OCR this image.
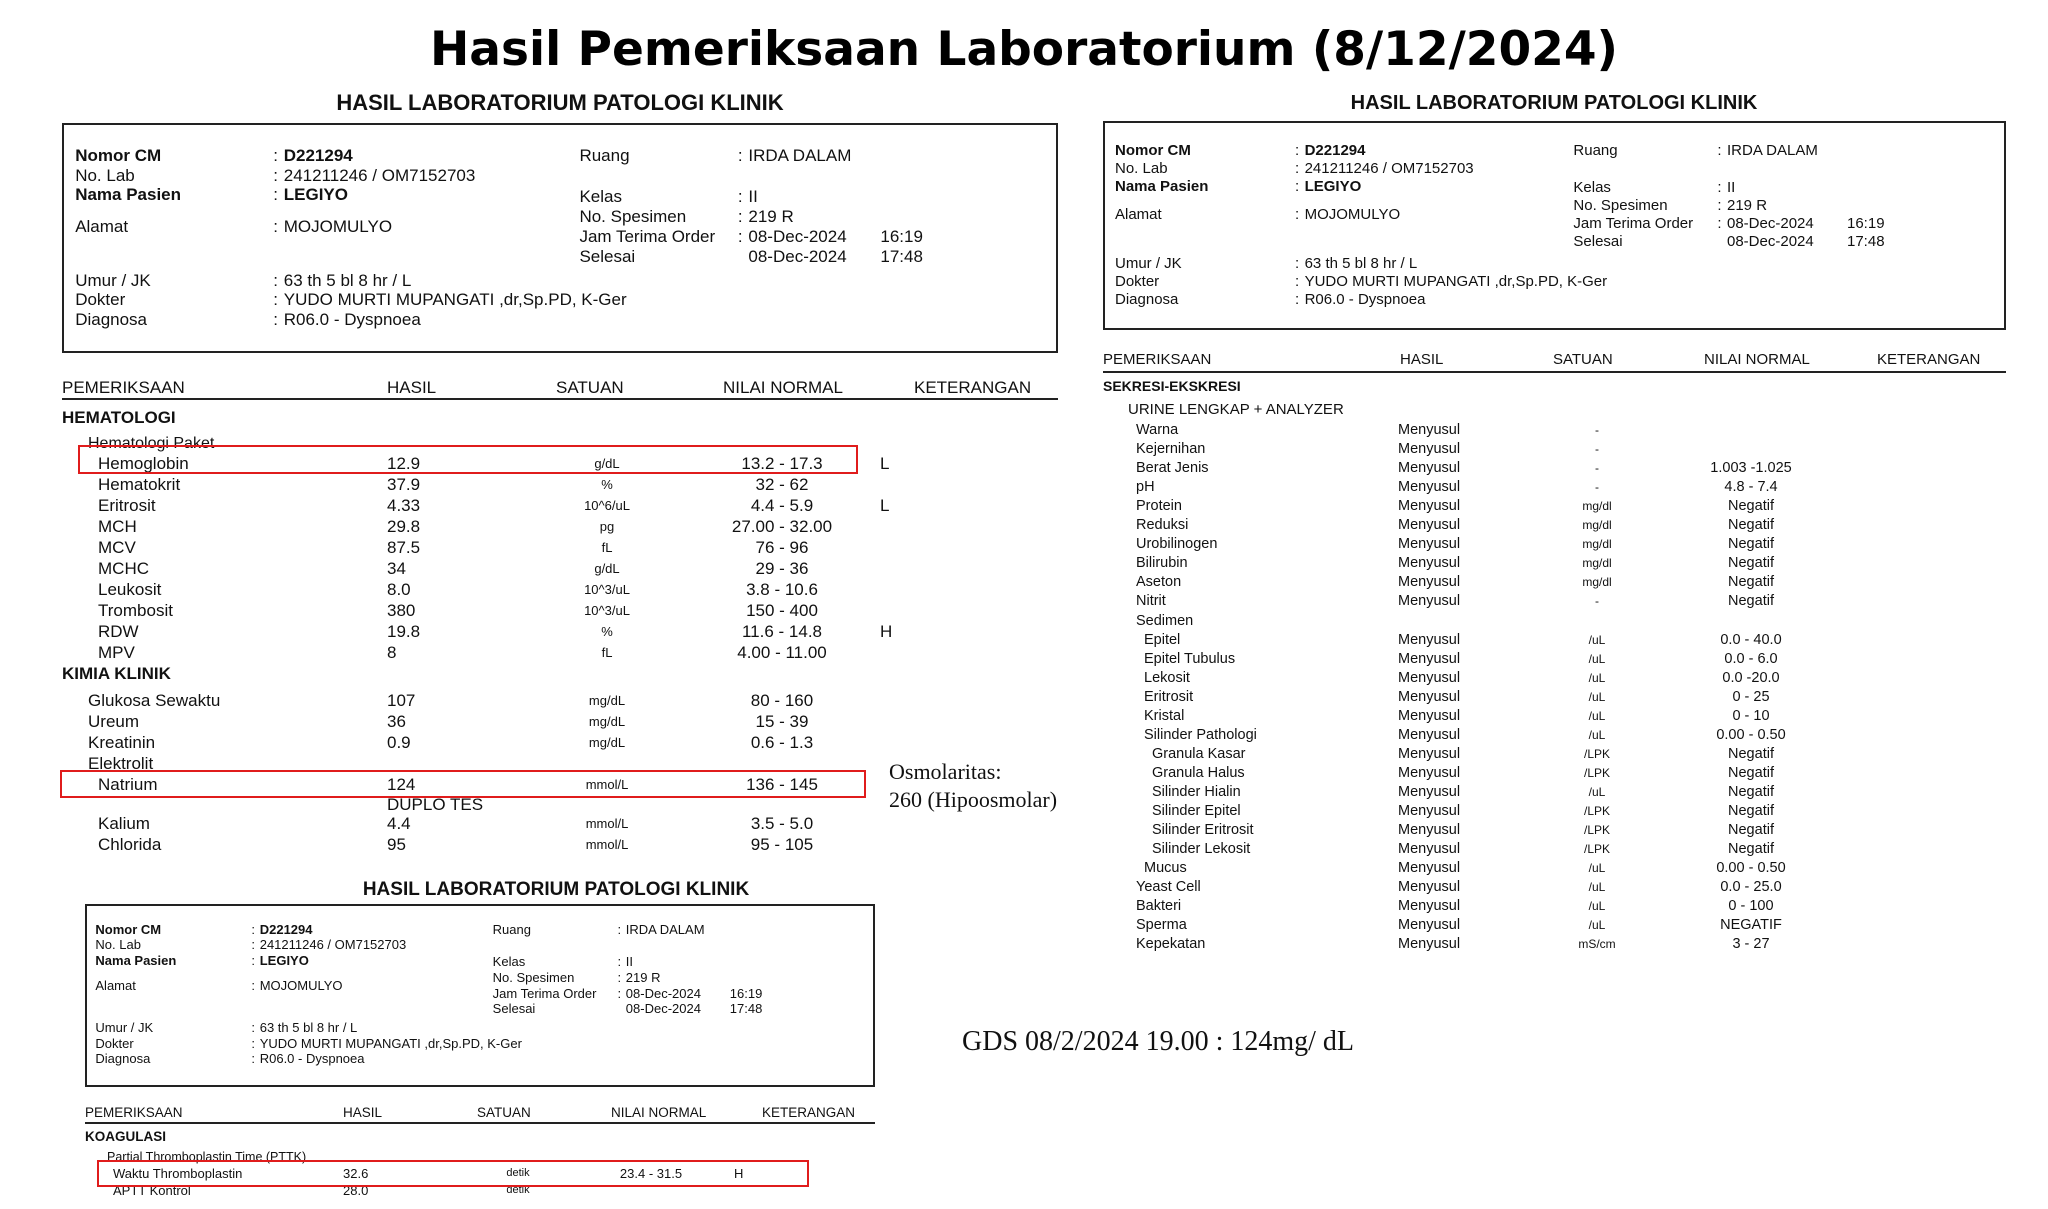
Hasil Pemeriksaan Laboratorium (8/12/2024)
HASIL LABORATORIUM PATOLOGI KLINIK
Nomor CM	: D221294
No. Lab	: 241211246 / OM7152703
Nama Pasien	: LEGIYO
Alamat	: MOJOMULYO
Umur / JK	: 63 th 5 bl 8 hr / L
Dokter	: YUDO MURTI MUPANGATI ,dr,Sp.PD, K-Ger
Diagnosa	: R06.0 - Dyspnoea
Ruang	: IRDA DALAM
Kelas	: II
No. Spesimen	: 219 R
Jam Terima Order : 08-Dec-2024 16:19
Selesai	08-Dec-2024 17:48
PEMERIKSAAN	HASIL	SATUAN	NILAI NORMAL	KETERANGAN
HEMATOLOGI
Hematologi Paket
Hemoglobin	12.9	g/dL	13.2 - 17.3	L
Hematokrit	37.9	%	32 - 62
Eritrosit	4.33	10^6/uL	4.4 - 5.9	L
MCH	29.8	pg	27.00 - 32.00
MCV	87.5	fL	76 - 96
MCHC	34	g/dL	29 - 36
Leukosit	8.0	10^3/uL	3.8 - 10.6
Trombosit	380	10^3/uL	150 - 400
RDW	19.8	%	11.6 - 14.8	H
MPV	8	fL	4.00 - 11.00
KIMIA KLINIK
Glukosa Sewaktu	107	mg/dL	80 - 160
Ureum	36	mg/dL	15 - 39
Kreatinin	0.9	mg/dL	0.6 - 1.3
Elektrolit
Natrium	124	mmol/L	136 - 145
DUPLO TES
Kalium	4.4	mmol/L	3.5 - 5.0
Chlorida	95	mmol/L	95 - 105
Osmolaritas:
260 (Hipoosmolar)
GDS 08/2/2024 19.00 : 124mg/ dL
HASIL LABORATORIUM PATOLOGI KLINIK
Nomor CM	: D221294
No. Lab	: 241211246 / OM7152703
Nama Pasien	: LEGIYO
Alamat	: MOJOMULYO
Umur / JK	: 63 th 5 bl 8 hr / L
Dokter	: YUDO MURTI MUPANGATI ,dr,Sp.PD, K-Ger
Diagnosa	: R06.0 - Dyspnoea
Ruang	: IRDA DALAM
Kelas	: II
No. Spesimen	: 219 R
Jam Terima Order : 08-Dec-2024 16:19
Selesai	08-Dec-2024 17:48
PEMERIKSAAN	HASIL	SATUAN	NILAI NORMAL	KETERANGAN
SEKRESI-EKSKRESI
URINE LENGKAP + ANALYZER
Warna	Menyusul	-
Kejernihan	Menyusul	-
Berat Jenis	Menyusul	-	1.003 -1.025
pH	Menyusul	-	4.8 - 7.4
Protein	Menyusul	mg/dl	Negatif
Reduksi	Menyusul	mg/dl	Negatif
Urobilinogen	Menyusul	mg/dl	Negatif
Bilirubin	Menyusul	mg/dl	Negatif
Aseton	Menyusul	mg/dl	Negatif
Nitrit	Menyusul	-	Negatif
Sedimen
Epitel	Menyusul	/uL	0.0 - 40.0
Epitel Tubulus	Menyusul	/uL	0.0 - 6.0
Lekosit	Menyusul	/uL	0.0 -20.0
Eritrosit	Menyusul	/uL	0 - 25
Kristal	Menyusul	/uL	0 - 10
Silinder Pathologi	Menyusul	/uL	0.00 - 0.50
Granula Kasar	Menyusul	/LPK	Negatif
Granula Halus	Menyusul	/LPK	Negatif
Silinder Hialin	Menyusul	/uL	Negatif
Silinder Epitel	Menyusul	/LPK	Negatif
Silinder Eritrosit	Menyusul	/LPK	Negatif
Silinder Lekosit	Menyusul	/LPK	Negatif
Mucus	Menyusul	/uL	0.00 - 0.50
Yeast Cell	Menyusul	/uL	0.0 - 25.0
Bakteri	Menyusul	/uL	0 - 100
Sperma	Menyusul	/uL	NEGATIF
Kepekatan	Menyusul	mS/cm	3 - 27
HASIL LABORATORIUM PATOLOGI KLINIK
Nomor CM	: D221294
No. Lab	: 241211246 / OM7152703
Nama Pasien	: LEGIYO
Alamat	: MOJOMULYO
Umur / JK	: 63 th 5 bl 8 hr / L
Dokter	: YUDO MURTI MUPANGATI ,dr,Sp.PD, K-Ger
Diagnosa	: R06.0 - Dyspnoea
Ruang	: IRDA DALAM
Kelas	: II
No. Spesimen	: 219 R
Jam Terima Order : 08-Dec-2024 16:19
Selesai	08-Dec-2024 17:48
PEMERIKSAAN	HASIL	SATUAN	NILAI NORMAL	KETERANGAN
KOAGULASI
Partial Thromboplastin Time (PTTK)
Waktu Thromboplastin	32.6	detik	23.4 - 31.5	H
APTT Kontrol	28.0	detik
